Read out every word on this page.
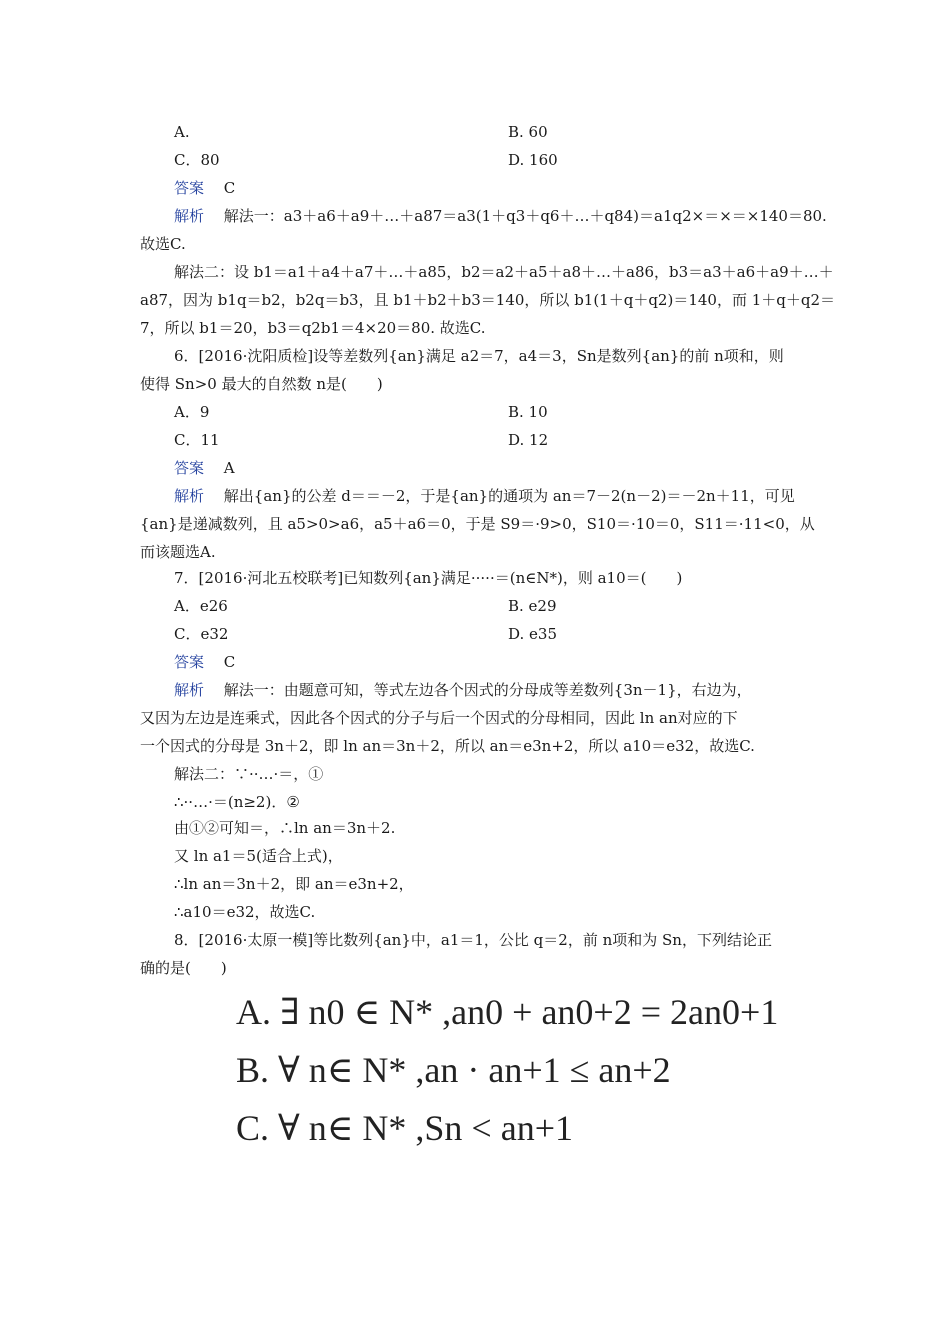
A.	B. 60
C．80	D. 160
答案　 C
解析　 解法一：a3＋a6＋a9＋…＋a87＝a3(1＋q3＋q6＋…＋q84)＝a1q2×＝×＝×140＝80.
故选C.
解法二：设 b1＝a1＋a4＋a7＋…＋a85，b2＝a2＋a5＋a8＋…＋a86，b3＝a3＋a6＋a9＋…＋
a87，因为 b1q＝b2，b2q＝b3，且 b1＋b2＋b3＝140，所以 b1(1＋q＋q2)＝140，而 1＋q＋q2＝
7，所以 b1＝20，b3＝q2b1＝4×20＝80. 故选C.
6．[2016·沈阳质检]设等差数列{an}满足 a2＝7，a4＝3，Sn是数列{an}的前 n项和，则
使得 Sn>0 最大的自然数 n是(　　)
A．9	B. 10
C．11	D. 12
答案　 A
解析　 解出{an}的公差 d＝＝－2，于是{an}的通项为 an＝7－2(n－2)＝－2n＋11，可见
{an}是递减数列，且 a5>0>a6，a5＋a6＝0，于是 S9＝·9>0，S10＝·10＝0，S11＝·11<0，从
而该题选A.
7．[2016·河北五校联考]已知数列{an}满足·····＝(n∈N*)，则 a10＝(　　)
A．e26	B. e29
C．e32	D. e35
答案　 C
解析　 解法一：由题意可知，等式左边各个因式的分母成等差数列{3n－1}，右边为，
又因为左边是连乘式，因此各个因式的分子与后一个因式的分母相同，因此 ln an对应的下
一个因式的分母是 3n＋2，即 ln an＝3n＋2，所以 an＝e3n+2，所以 a10＝e32，故选C.
解法二：∵··…·＝，①
∴··…·＝(n≥2)．②
由①②可知＝，∴ln an＝3n＋2.
又 ln a1＝5(适合上式)，
∴ln an＝3n＋2，即 an＝e3n+2，
∴a10＝e32，故选C.
8．[2016·太原一模]等比数列{an}中，a1＝1，公比 q＝2，前 n项和为 Sn，下列结论正
确的是(　　)
A. ∃ n0 ∈ N* ,an0 + an0+2 = 2an0+1
B. ∀ n∈ N* ,an · an+1 ≤ an+2
C. ∀ n∈ N* ,Sn < an+1
